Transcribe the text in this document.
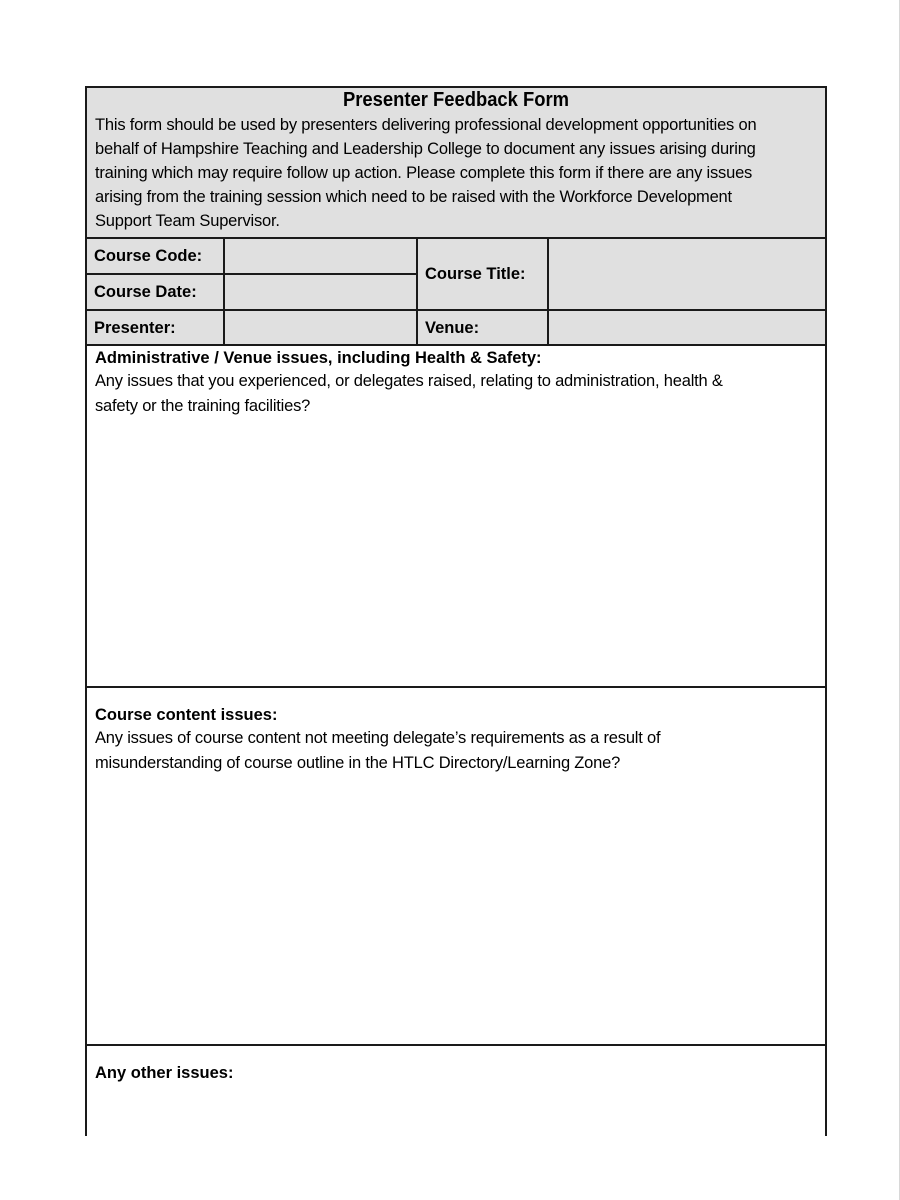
Presenter Feedback Form
This form should be used by presenters delivering professional development opportunities on
behalf of Hampshire Teaching and Leadership College to document any issues arising during
training which may require follow up action. Please complete this form if there are any issues
arising from the training session which need to be raised with the Workforce Development
Support Team Supervisor.
Course Code:
Course Date:
Presenter:
Course Title:
Venue:
Administrative / Venue issues, including Health & Safety:
Any issues that you experienced, or delegates raised, relating to administration, health &
safety or the training facilities?
Course content issues:
Any issues of course content not meeting delegate’s requirements as a result of
misunderstanding of course outline in the HTLC Directory/Learning Zone?
Any other issues:
